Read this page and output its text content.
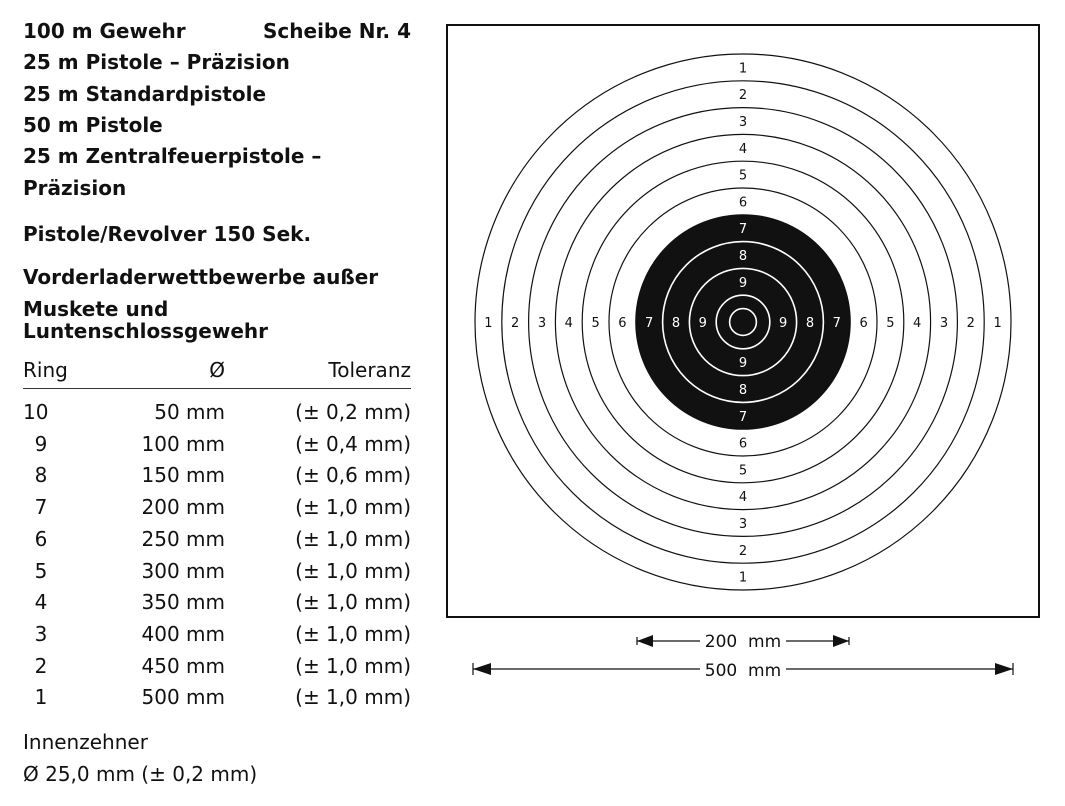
100 m Gewehr	Scheibe Nr. 4
25 m Pistole – Präzision
25 m Standardpistole
50 m Pistole
25 m Zentralfeuerpistole –
Präzision
Pistole/Revolver 150 Sek.
Vorderladerwettbewerbe außer
Muskete und Luntenschlossgewehr
Ring	Ø	Toleranz
10	50 mm	(± 0,2 mm)
9	100 mm	(± 0,4 mm)
8	150 mm	(± 0,6 mm)
7	200 mm	(± 1,0 mm)
6	250 mm	(± 1,0 mm)
5	300 mm	(± 1,0 mm)
4	350 mm	(± 1,0 mm)
3	400 mm	(± 1,0 mm)
2	450 mm	(± 1,0 mm)
1	500 mm	(± 1,0 mm)
Innenzehner
Ø 25,0 mm (± 0,2 mm)
1
1
1	1
2
2
2	2
3
3
3	3
4
4
4	4
5
5
5	5
6
6
6	6
7
7
7	7
8
8
8	8
9
9
9	9
200  mm
500  mm
